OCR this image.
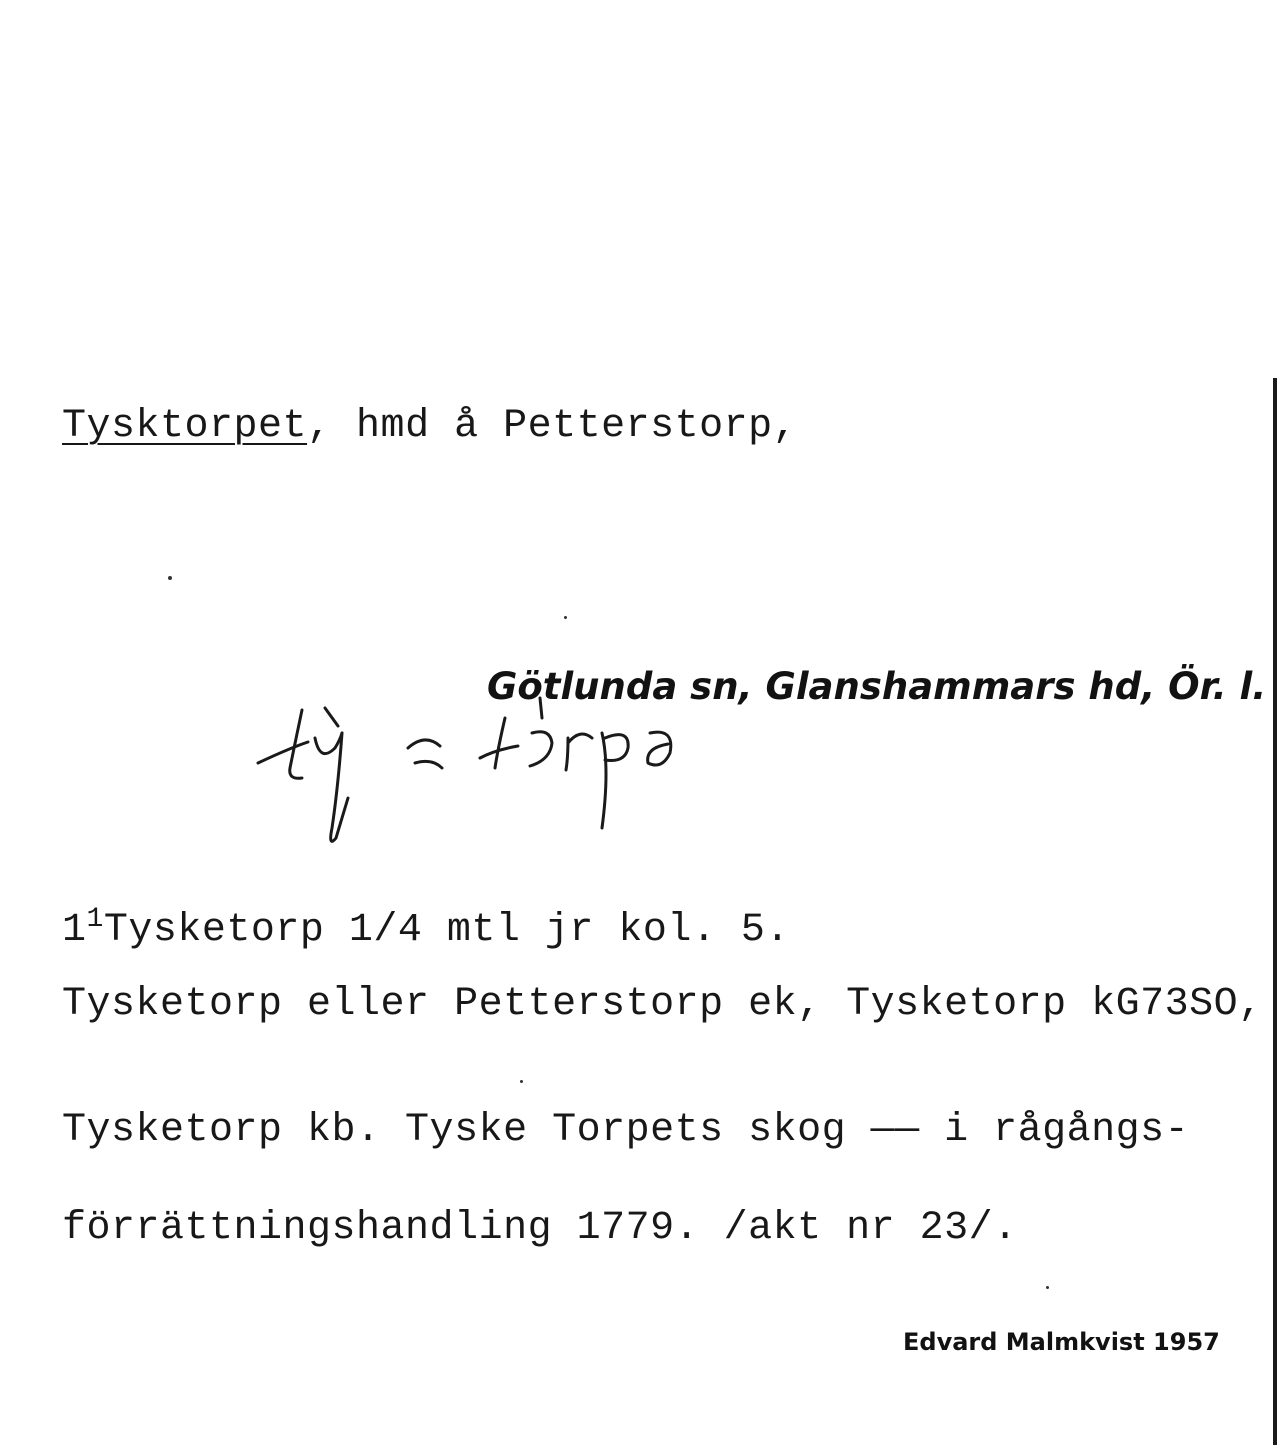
Tysktorpet, hmd å Petterstorp,
Götlunda sn, Glanshammars hd, Ör. l.
$1^1Tysketorp$ 1/4 mtl jr kol. 5.
Tysketorp eller Petterstorp ek, Tysketorp kG73SO,
Tysketorp kb. Tyske Torpets skog —— i rågångs-
förrättningshandling 1779. /akt nr 23/.
Edvard Malmkvist 1957
